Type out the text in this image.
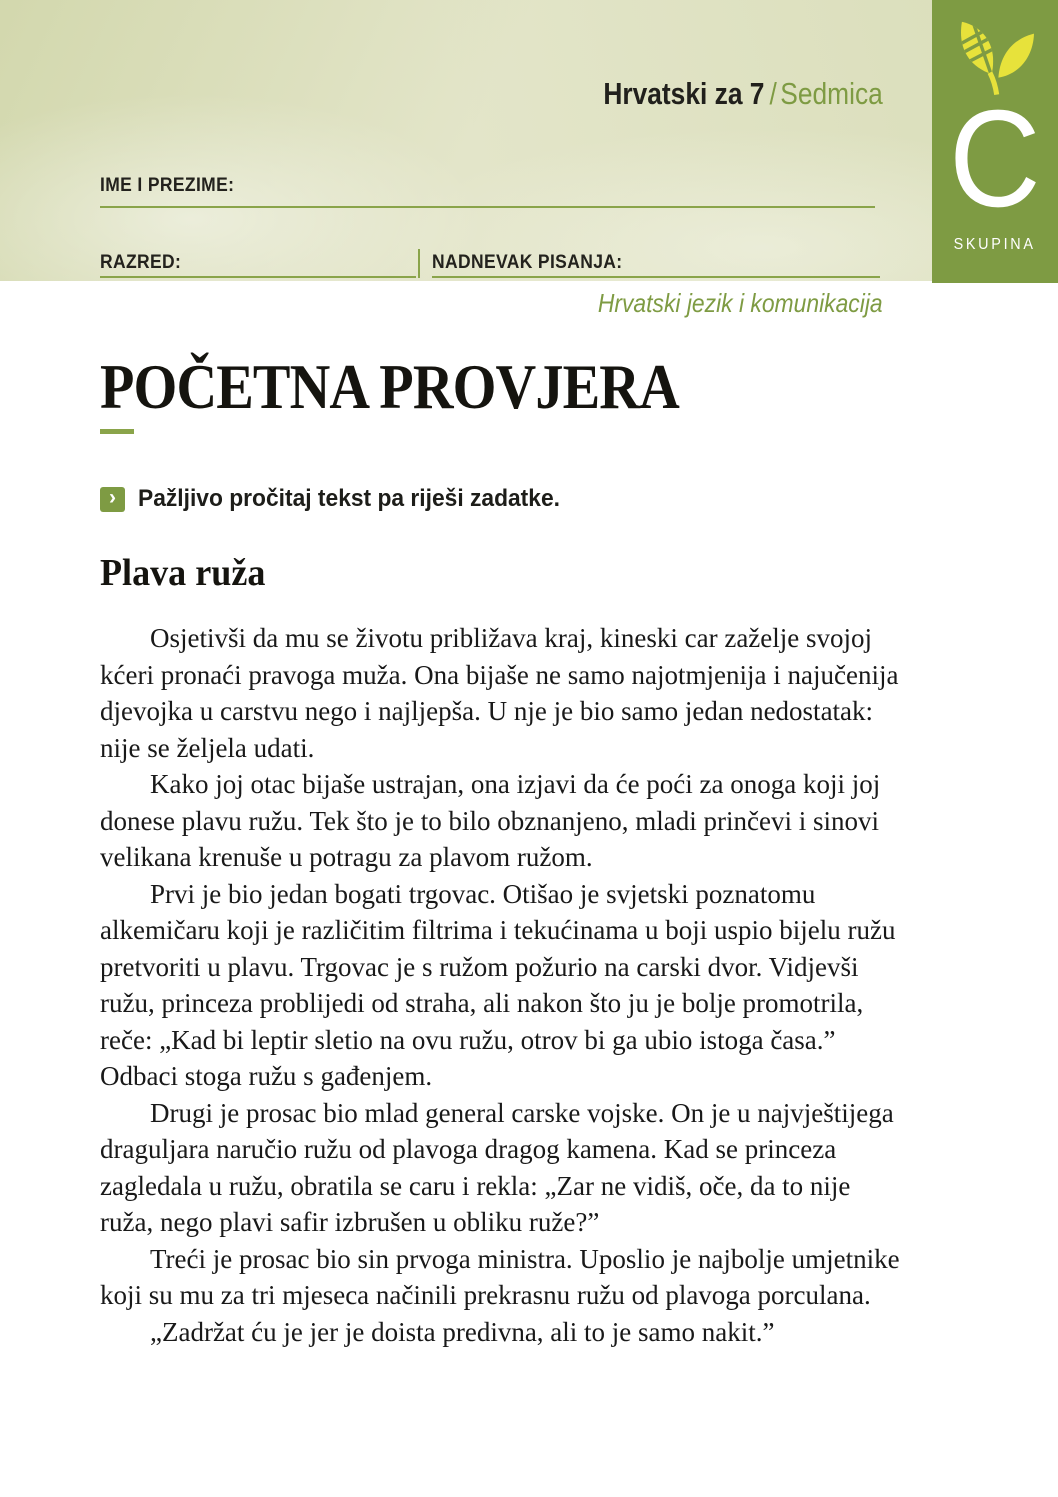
Hrvatski za 7 / Sedmica C
SKUPINA
IME I PREZIME:
RAZRED:	NADNEVAK PISANJA:
Hrvatski jezik i komunikacija
POČETNA PROVJERA
› Pažljivo pročitaj tekst pa riješi zadatke.
Plava ruža

Osjetivši da mu se životu približava kraj, kineski car zaželje svojoj kćeri pronaći pravoga muža. Ona bijaše ne samo najotmjenija i najučenija djevojka u carstvu nego i najljepša. U nje je bio samo jedan nedostatak: nije se željela udati.

Kako joj otac bijaše ustrajan, ona izjavi da će poći za onoga koji joj donese plavu ružu. Tek što je to bilo obznanjeno, mladi prinčevi i sinovi velikana krenuše u potragu za plavom ružom.

Prvi je bio jedan bogati trgovac. Otišao je svjetski poznatomu alkemičaru koji je različitim filtrima i tekućinama u boji uspio bijelu ružu pretvoriti u plavu. Trgovac je s ružom požurio na carski dvor. Vidjevši ružu, princeza problijedi od straha, ali nakon što ju je bolje promotrila, reče: „Kad bi leptir sletio na ovu ružu, otrov bi ga ubio istoga časa.” Odbaci stoga ružu s gađenjem.

Drugi je prosac bio mlad general carske vojske. On je u najvještijega draguljara naručio ružu od plavoga dragog kamena. Kad se princeza zagledala u ružu, obratila se caru i rekla: „Zar ne vidiš, oče, da to nije ruža, nego plavi safir izbrušen u obliku ruže?”

Treći je prosac bio sin prvoga ministra. Uposlio je najbolje umjetnike koji su mu za tri mjeseca načinili prekrasnu ružu od plavoga porculana.

„Zadržat ću je jer je doista predivna, ali to je samo nakit.”
